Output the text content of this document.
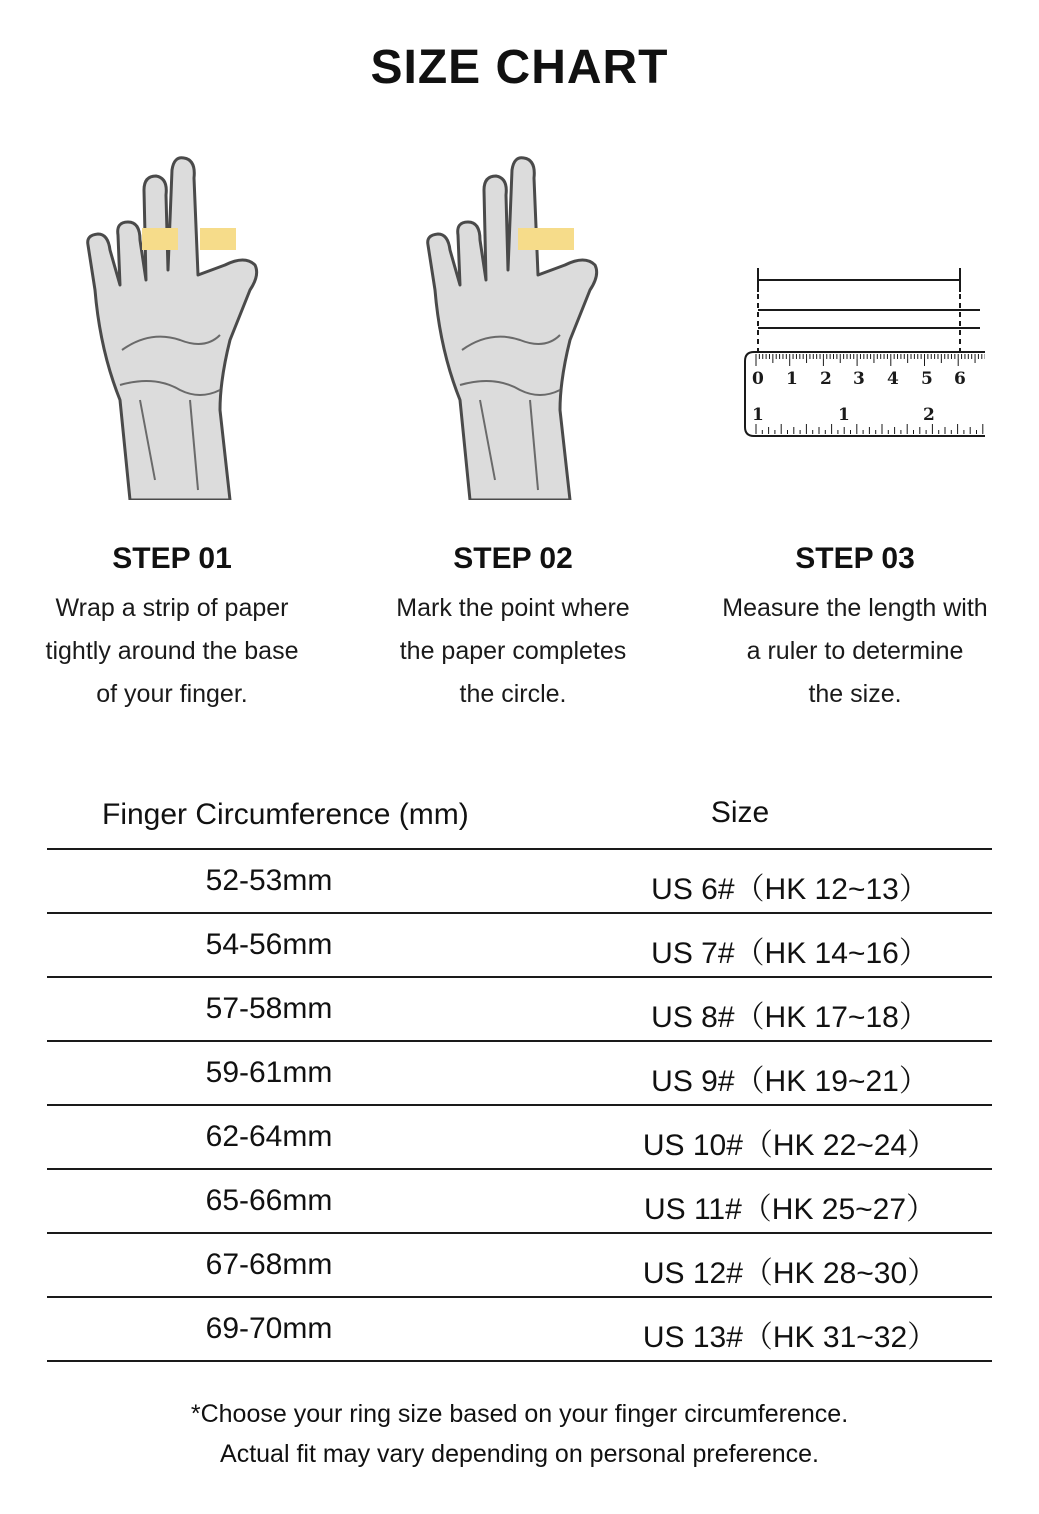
SIZE CHART
0 1 2 3 4 5 6
1	1	2
STEP 01

Wrap a strip of paper
tightly around the base
of your finger.

STEP 02

Mark the point where
the paper completes
the circle.

STEP 03

Measure the length with
a ruler to determine
the size.

Finger Circumference (mm)	Size
52-53mm	US 6#（HK 12~13）
54-56mm	US 7#（HK 14~16）
57-58mm	US 8#（HK 17~18）
59-61mm	US 9#（HK 19~21）
62-64mm	US 10#（HK 22~24）
65-66mm	US 11#（HK 25~27）
67-68mm	US 12#（HK 28~30）
69-70mm	US 13#（HK 31~32）
*Choose your ring size based on your finger circumference.
Actual fit may vary depending on personal preference.
